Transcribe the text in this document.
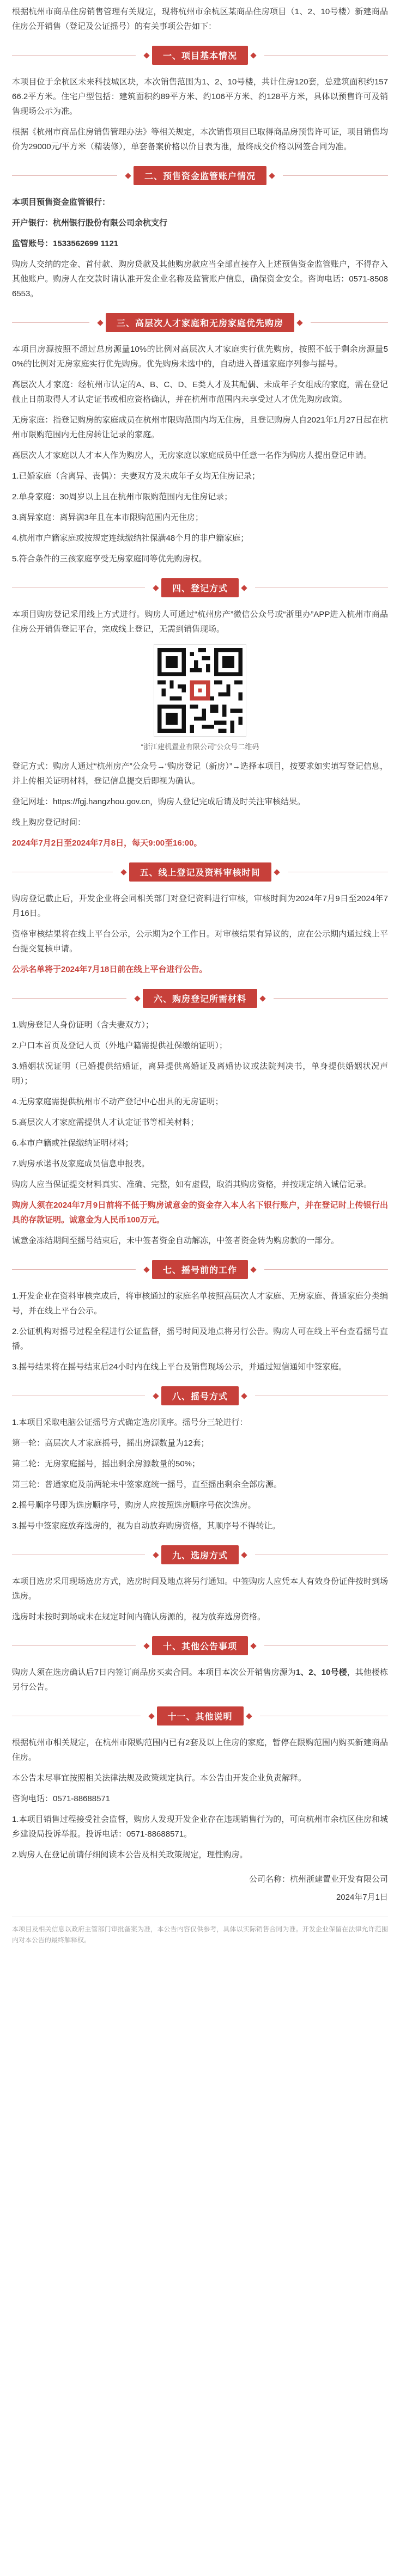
根据杭州市商品住房销售管理有关规定，现将杭州市余杭区某商品住房项目（1、2、10号楼）新建商品住房公开销售（登记及公证摇号）的有关事项公告如下：

一、项目基本情况

本项目位于余杭区未来科技城区块，本次销售范围为1、2、10号楼，共计住房120套，总建筑面积约15766.2平方米。住宅户型包括：建筑面积约89平方米、约106平方米、约128平方米，具体以预售许可及销售现场公示为准。

根据《杭州市商品住房销售管理办法》等相关规定，本次销售项目已取得商品房预售许可证，项目销售均价为29000元/平方米（精装修），单套备案价格以价目表为准，最终成交价格以网签合同为准。

二、预售资金监管账户情况

本项目预售资金监管银行：

开户银行：杭州银行股份有限公司余杭支行

监管账号：1533562699 1121

购房人交纳的定金、首付款、购房贷款及其他购房款应当全部直接存入上述预售资金监管账户，不得存入其他账户。购房人在交款时请认准开发企业名称及监管账户信息，确保资金安全。咨询电话：0571-85086553。

三、高层次人才家庭和无房家庭优先购房

本项目房源按照不超过总房源量10%的比例对高层次人才家庭实行优先购房，按照不低于剩余房源量50%的比例对无房家庭实行优先购房。优先购房未选中的，自动进入普通家庭序列参与摇号。

高层次人才家庭：经杭州市认定的A、B、C、D、E类人才及其配偶、未成年子女组成的家庭，需在登记截止日前取得人才认定证书或相应资格确认，并在杭州市范围内未享受过人才优先购房政策。

无房家庭：指登记购房的家庭成员在杭州市限购范围内均无住房，且登记购房人自2021年1月27日起在杭州市限购范围内无住房转让记录的家庭。

高层次人才家庭以人才本人作为购房人，无房家庭以家庭成员中任意一名作为购房人提出登记申请。

1.已婚家庭（含离异、丧偶）：夫妻双方及未成年子女均无住房记录；

2.单身家庭：30周岁以上且在杭州市限购范围内无住房记录；

3.离异家庭：离异满3年且在本市限购范围内无住房；

4.杭州市户籍家庭或按规定连续缴纳社保满48个月的非户籍家庭；

5.符合条件的三孩家庭享受无房家庭同等优先购房权。

四、登记方式

本项目购房登记采用线上方式进行。购房人可通过“杭州房产”微信公众号或“浙里办”APP进入杭州市商品住房公开销售登记平台，完成线上登记，无需到销售现场。

“浙江建机置业有限公司”公众号二维码

登记方式：购房人通过“杭州房产”公众号→“购房登记（新房）”→选择本项目，按要求如实填写登记信息，并上传相关证明材料，登记信息提交后即视为确认。

登记网址：https://fgj.hangzhou.gov.cn，购房人登记完成后请及时关注审核结果。

线上购房登记时间：

2024年7月2日至2024年7月8日，每天9:00至16:00。

五、线上登记及资料审核时间

购房登记截止后，开发企业将会同相关部门对登记资料进行审核，审核时间为2024年7月9日至2024年7月16日。

资格审核结果将在线上平台公示，公示期为2个工作日。对审核结果有异议的，应在公示期内通过线上平台提交复核申请。

公示名单将于2024年7月18日前在线上平台进行公告。

六、购房登记所需材料

1.购房登记人身份证明（含夫妻双方）；

2.户口本首页及登记人页（外地户籍需提供社保缴纳证明）；

3.婚姻状况证明（已婚提供结婚证，离异提供离婚证及离婚协议或法院判决书，单身提供婚姻状况声明）；

4.无房家庭需提供杭州市不动产登记中心出具的无房证明；

5.高层次人才家庭需提供人才认定证书等相关材料；

6.本市户籍或社保缴纳证明材料；

7.购房承诺书及家庭成员信息申报表。

购房人应当保证提交材料真实、准确、完整，如有虚假，取消其购房资格，并按规定纳入诚信记录。

购房人须在2024年7月9日前将不低于购房诚意金的资金存入本人名下银行账户，并在登记时上传银行出具的存款证明。诚意金为人民币100万元。

诚意金冻结期间至摇号结束后，未中签者资金自动解冻，中签者资金转为购房款的一部分。

七、摇号前的工作

1.开发企业在资料审核完成后，将审核通过的家庭名单按照高层次人才家庭、无房家庭、普通家庭分类编号，并在线上平台公示。

2.公证机构对摇号过程全程进行公证监督，摇号时间及地点将另行公告。购房人可在线上平台查看摇号直播。

3.摇号结果将在摇号结束后24小时内在线上平台及销售现场公示，并通过短信通知中签家庭。

八、摇号方式

1.本项目采取电脑公证摇号方式确定选房顺序。摇号分三轮进行：

第一轮：高层次人才家庭摇号，摇出房源数量为12套；

第二轮：无房家庭摇号，摇出剩余房源数量的50%；

第三轮：普通家庭及前两轮未中签家庭统一摇号，直至摇出剩余全部房源。

2.摇号顺序号即为选房顺序号，购房人应按照选房顺序号依次选房。

3.摇号中签家庭放弃选房的，视为自动放弃购房资格，其顺序号不得转让。

九、选房方式

本项目选房采用现场选房方式，选房时间及地点将另行通知。中签购房人应凭本人有效身份证件按时到场选房。

选房时未按时到场或未在规定时间内确认房源的，视为放弃选房资格。

十、其他公告事项

购房人须在选房确认后7日内签订商品房买卖合同。本项目本次公开销售房源为1、2、10号楼，其他楼栋另行公告。

十一、其他说明

根据杭州市相关规定，在杭州市限购范围内已有2套及以上住房的家庭，暂停在限购范围内购买新建商品住房。

本公告未尽事宜按照相关法律法规及政策规定执行。本公告由开发企业负责解释。

咨询电话：0571-88688571

1.本项目销售过程接受社会监督，购房人发现开发企业存在违规销售行为的，可向杭州市余杭区住房和城乡建设局投诉举报。投诉电话：0571-88688571。

2.购房人在登记前请仔细阅读本公告及相关政策规定，理性购房。

公司名称：杭州浙建置业开发有限公司

2024年7月1日

本项目及相关信息以政府主管部门审批备案为准，本公告内容仅供参考，具体以实际销售合同为准。开发企业保留在法律允许范围内对本公告的最终解释权。
